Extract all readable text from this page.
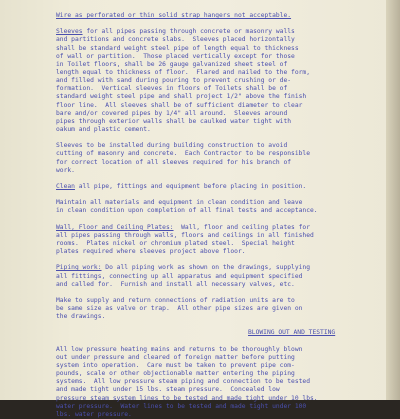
Wire as perforated or thin solid strap hangers not acceptable.
Sleeves for all pipes passing through concrete or masonry walls
and partitions and concrete slabs.  Sleeves placed horizontally
shall be standard weight steel pipe of length equal to thickness
of wall or partition.  Those placed vertically except for those
in Toilet floors, shall be 26 gauge galvanized sheet steel of
length equal to thickness of floor.  Flared and nailed to the form,
and filled with sand during pouring to prevent crushing or de-
formation.  Vertical sleeves in floors of Toilets shall be of
standard weight steel pipe and shall project 1/2" above the finish
floor line.  All sleeves shall be of sufficient diameter to clear
bare and/or covered pipes by 1/4" all around.  Sleeves around
pipes through exterior walls shall be caulked water tight with
oakum and plastic cement.
Sleeves to be installed during building construction to avoid
cutting of masonry and concrete.  Each Contractor to be responsible
for correct location of all sleeves required for his branch of
work.
Clean all pipe, fittings and equipment before placing in position.
Maintain all materials and equipment in clean condition and leave
in clean condition upon completion of all final tests and acceptance.
Wall, Floor and Ceiling Plates:  Wall, floor and ceiling plates for
all pipes passing through walls, floors and ceilings in all finished
rooms.  Plates nickel or chromium plated steel.  Special height
plates required where sleeves project above floor.
Piping work: Do all piping work as shown on the drawings, supplying
all fittings, connecting up all apparatus and equipment specified
and called for.  Furnish and install all necessary valves, etc.
Make to supply and return connections of radiation units are to
be same size as valve or trap.  All other pipe sizes are given on
the drawings.
BLOWING OUT AND TESTING
All low pressure heating mains and returns to be thoroughly blown
out under pressure and cleared of foreign matter before putting
system into operation.  Care must be taken to prevent pipe com-
pounds, scale or other objectionable matter entering the piping
systems.  All low pressure steam piping and connection to be tested
and made tight under 15 lbs. steam pressure.  Concealed low
pressure steam system lines to be tested and made tight under 10 lbs.
water pressure.  Water lines to be tested and made tight under 100
lbs. water pressure.
